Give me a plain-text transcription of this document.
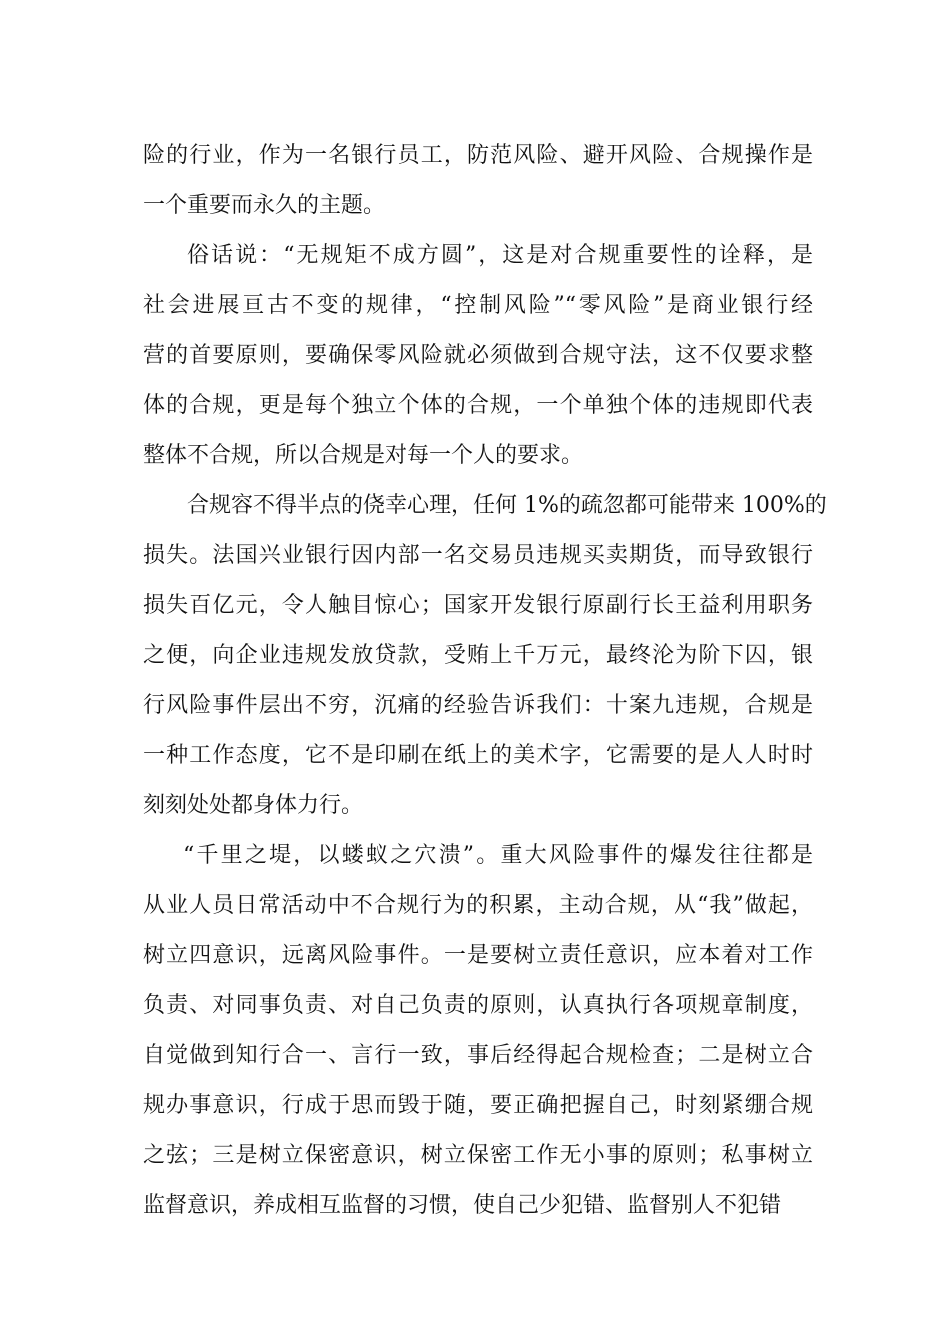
险的行业，作为一名银行员工，防范风险、避开风险、合规操作是
一个重要而永久的主题。
俗话说：“无规矩不成方圆”，这是对合规重要性的诠释，是
社会进展亘古不变的规律，“控制风险”“零风险”是商业银行经
营的首要原则，要确保零风险就必须做到合规守法，这不仅要求整
体的合规，更是每个独立个体的合规，一个单独个体的违规即代表
整体不合规，所以合规是对每一个人的要求。
合规容不得半点的侥幸心理，任何 1%的疏忽都可能带来 100%的
损失。法国兴业银行因内部一名交易员违规买卖期货，而导致银行
损失百亿元，令人触目惊心；国家开发银行原副行长王益利用职务
之便，向企业违规发放贷款，受贿上千万元，最终沦为阶下囚，银
行风险事件层出不穷，沉痛的经验告诉我们：十案九违规，合规是
一种工作态度，它不是印刷在纸上的美术字，它需要的是人人时时
刻刻处处都身体力行。
“千里之堤，以蝼蚁之穴溃”。重大风险事件的爆发往往都是
从业人员日常活动中不合规行为的积累，主动合规，从“我”做起，
树立四意识，远离风险事件。一是要树立责任意识，应本着对工作
负责、对同事负责、对自己负责的原则，认真执行各项规章制度，
自觉做到知行合一、言行一致，事后经得起合规检查；二是树立合
规办事意识，行成于思而毁于随，要正确把握自己，时刻紧绷合规
之弦；三是树立保密意识，树立保密工作无小事的原则；私事树立
监督意识，养成相互监督的习惯，使自己少犯错、监督别人不犯错
